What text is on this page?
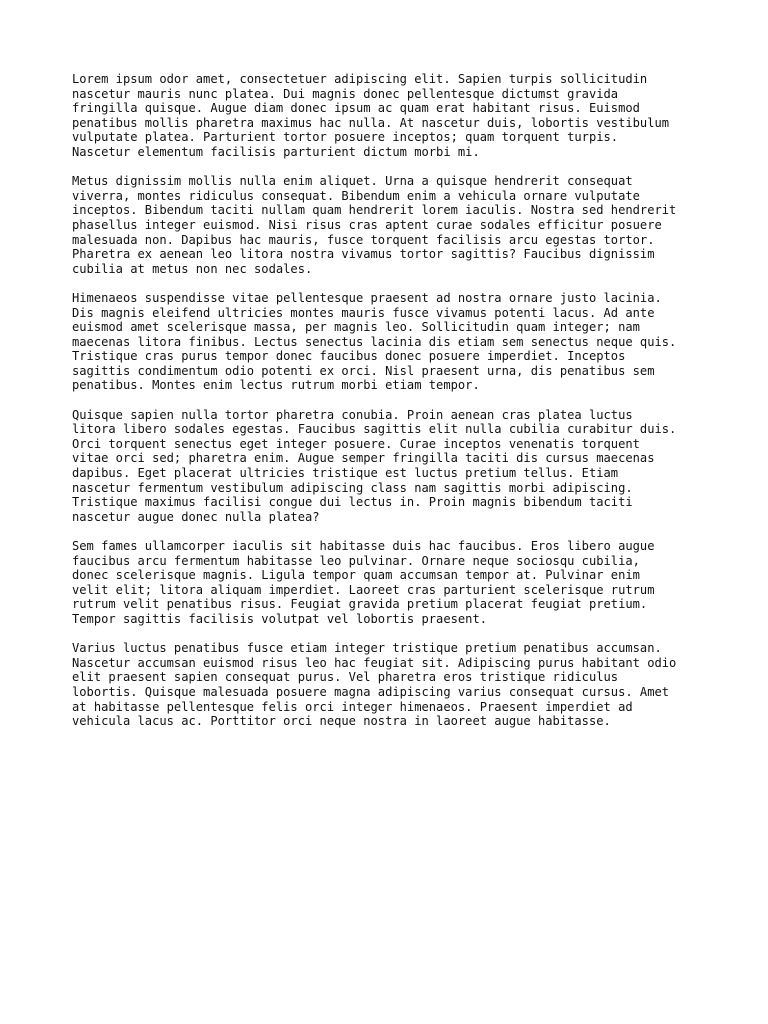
Lorem ipsum odor amet, consectetuer adipiscing elit. Sapien turpis sollicitudin
nascetur mauris nunc platea. Dui magnis donec pellentesque dictumst gravida
fringilla quisque. Augue diam donec ipsum ac quam erat habitant risus. Euismod
penatibus mollis pharetra maximus hac nulla. At nascetur duis, lobortis vestibulum
vulputate platea. Parturient tortor posuere inceptos; quam torquent turpis.
Nascetur elementum facilisis parturient dictum morbi mi.
Metus dignissim mollis nulla enim aliquet. Urna a quisque hendrerit consequat
viverra, montes ridiculus consequat. Bibendum enim a vehicula ornare vulputate
inceptos. Bibendum taciti nullam quam hendrerit lorem iaculis. Nostra sed hendrerit
phasellus integer euismod. Nisi risus cras aptent curae sodales efficitur posuere
malesuada non. Dapibus hac mauris, fusce torquent facilisis arcu egestas tortor.
Pharetra ex aenean leo litora nostra vivamus tortor sagittis? Faucibus dignissim
cubilia at metus non nec sodales.
Himenaeos suspendisse vitae pellentesque praesent ad nostra ornare justo lacinia.
Dis magnis eleifend ultricies montes mauris fusce vivamus potenti lacus. Ad ante
euismod amet scelerisque massa, per magnis leo. Sollicitudin quam integer; nam
maecenas litora finibus. Lectus senectus lacinia dis etiam sem senectus neque quis.
Tristique cras purus tempor donec faucibus donec posuere imperdiet. Inceptos
sagittis condimentum odio potenti ex orci. Nisl praesent urna, dis penatibus sem
penatibus. Montes enim lectus rutrum morbi etiam tempor.
Quisque sapien nulla tortor pharetra conubia. Proin aenean cras platea luctus
litora libero sodales egestas. Faucibus sagittis elit nulla cubilia curabitur duis.
Orci torquent senectus eget integer posuere. Curae inceptos venenatis torquent
vitae orci sed; pharetra enim. Augue semper fringilla taciti dis cursus maecenas
dapibus. Eget placerat ultricies tristique est luctus pretium tellus. Etiam
nascetur fermentum vestibulum adipiscing class nam sagittis morbi adipiscing.
Tristique maximus facilisi congue dui lectus in. Proin magnis bibendum taciti
nascetur augue donec nulla platea?
Sem fames ullamcorper iaculis sit habitasse duis hac faucibus. Eros libero augue
faucibus arcu fermentum habitasse leo pulvinar. Ornare neque sociosqu cubilia,
donec scelerisque magnis. Ligula tempor quam accumsan tempor at. Pulvinar enim
velit elit; litora aliquam imperdiet. Laoreet cras parturient scelerisque rutrum
rutrum velit penatibus risus. Feugiat gravida pretium placerat feugiat pretium.
Tempor sagittis facilisis volutpat vel lobortis praesent.
Varius luctus penatibus fusce etiam integer tristique pretium penatibus accumsan.
Nascetur accumsan euismod risus leo hac feugiat sit. Adipiscing purus habitant odio
elit praesent sapien consequat purus. Vel pharetra eros tristique ridiculus
lobortis. Quisque malesuada posuere magna adipiscing varius consequat cursus. Amet
at habitasse pellentesque felis orci integer himenaeos. Praesent imperdiet ad
vehicula lacus ac. Porttitor orci neque nostra in laoreet augue habitasse.
